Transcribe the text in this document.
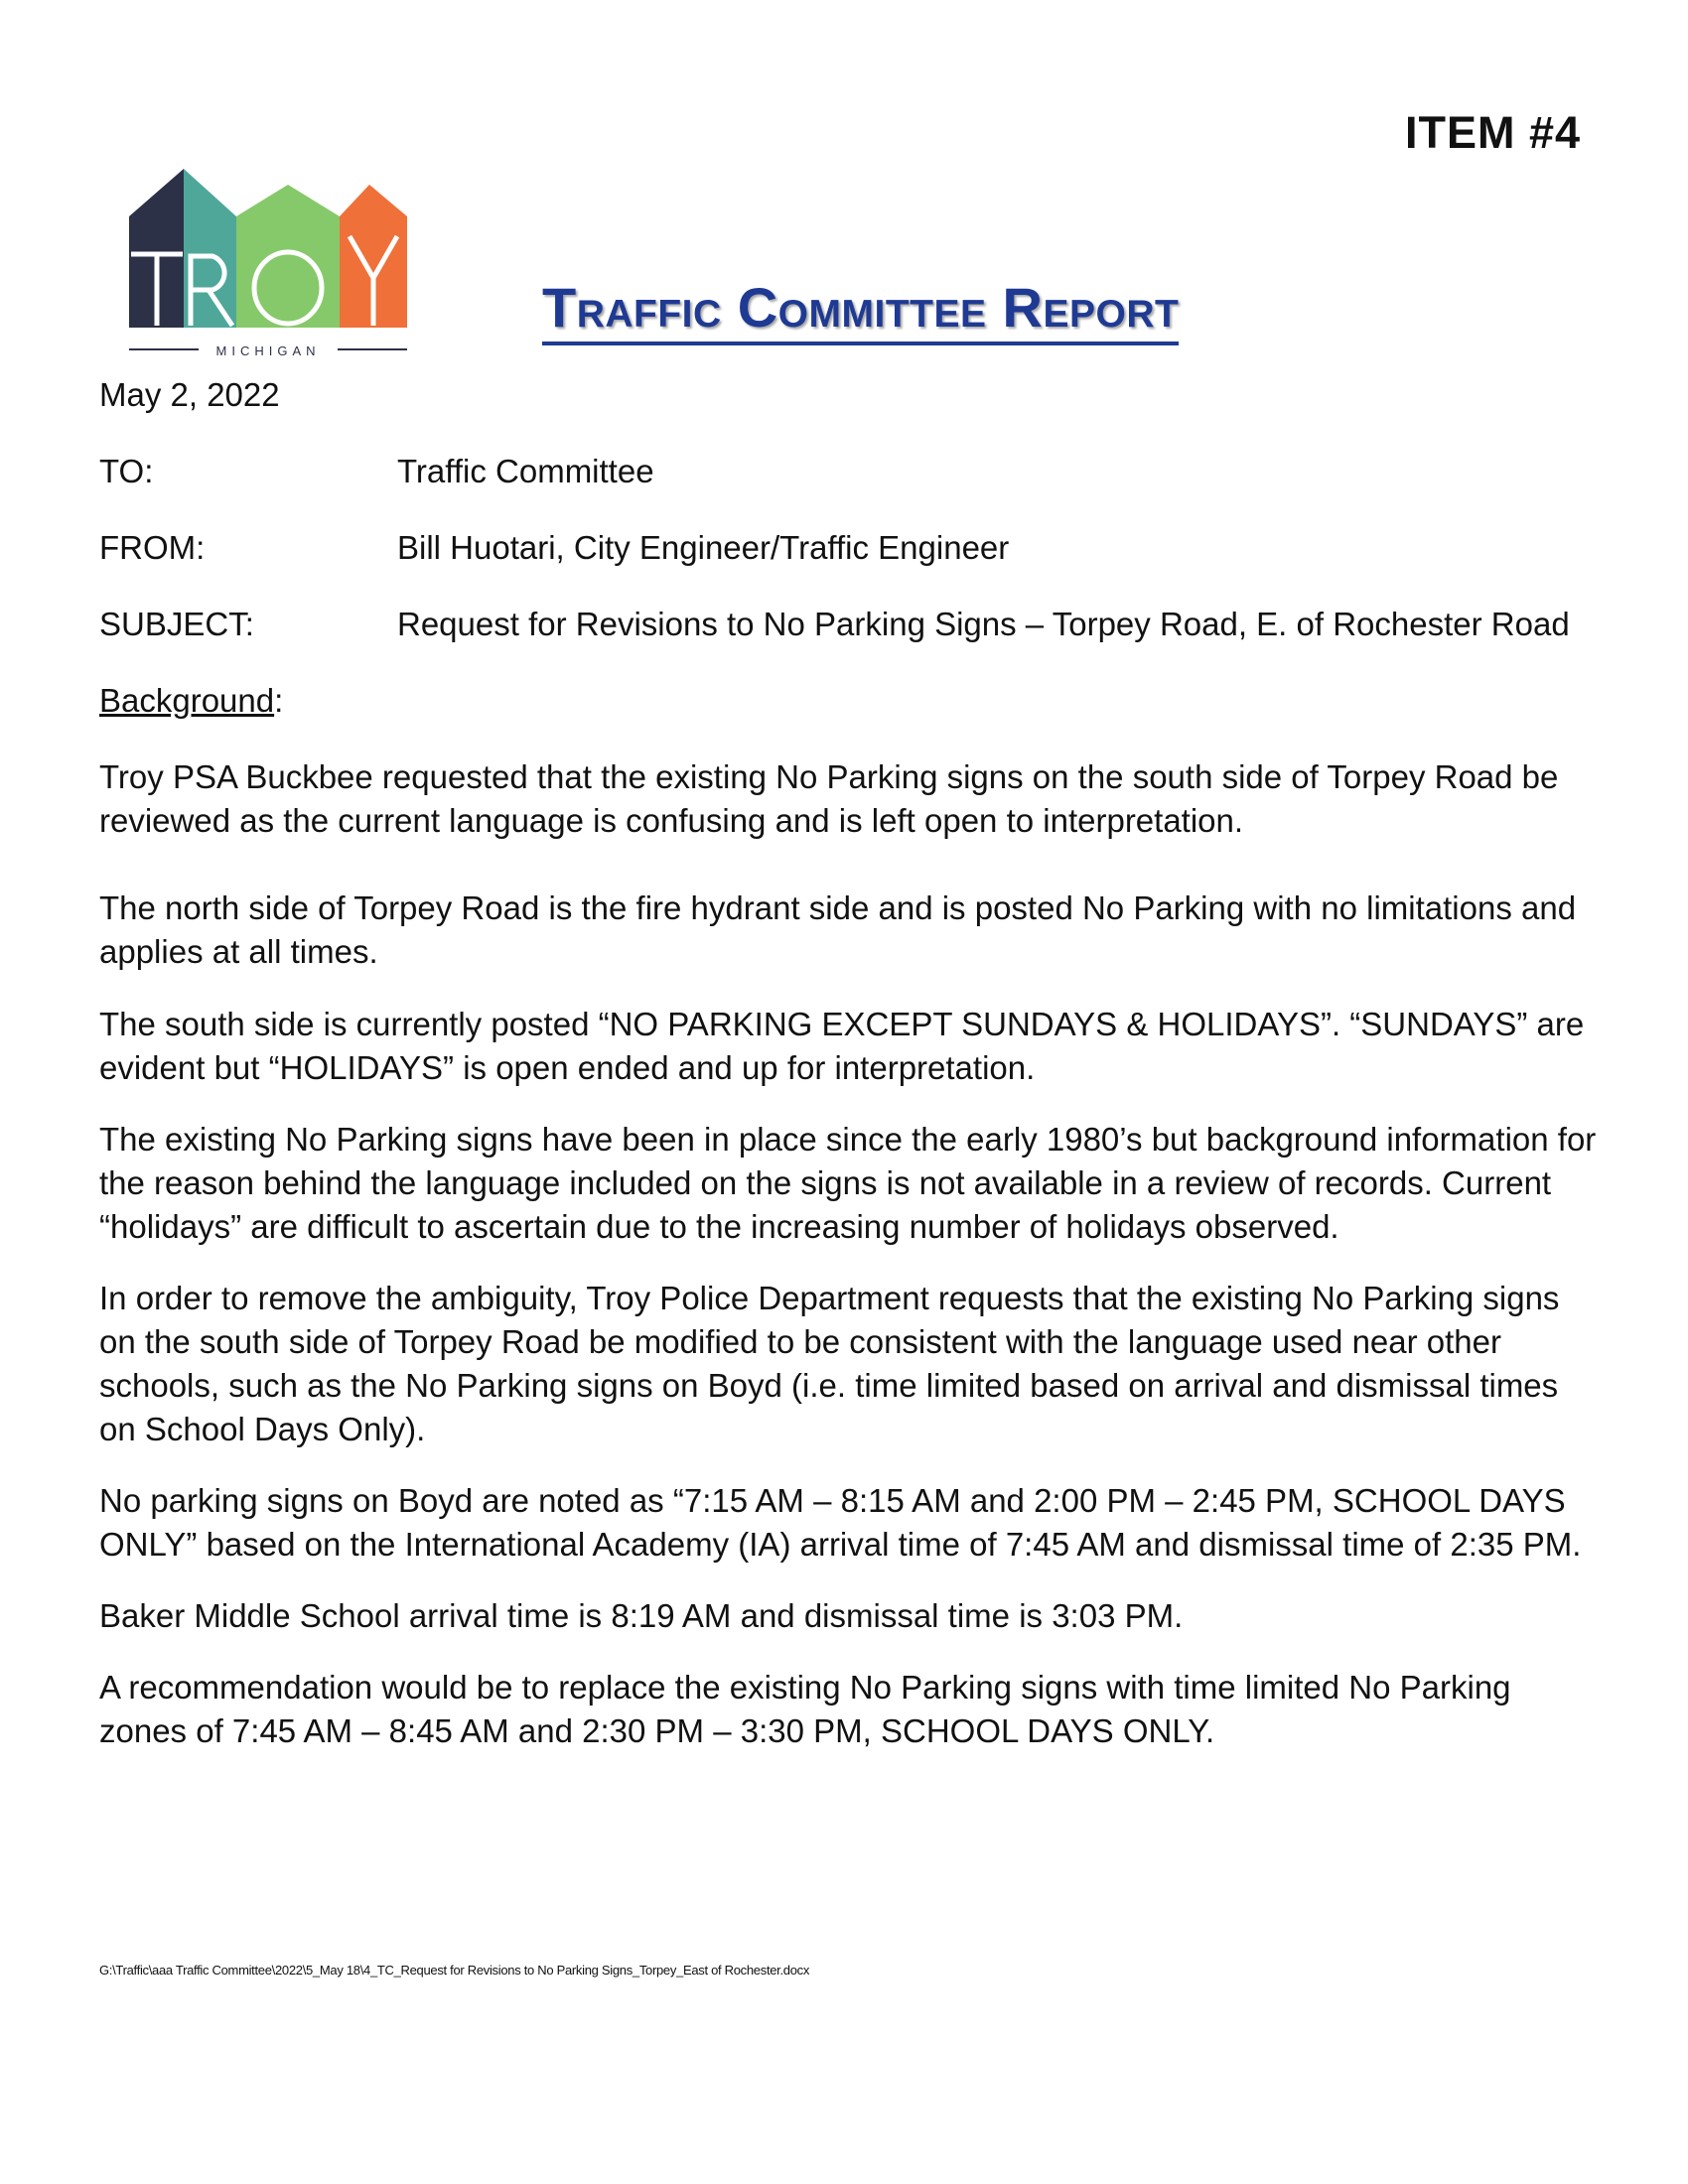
ITEM #4
MICHIGAN
Traffic Committee Report
May 2, 2022
TO:	Traffic Committee
FROM:	Bill Huotari, City Engineer/Traffic Engineer
SUBJECT:	Request for Revisions to No Parking Signs – Torpey Road, E. of Rochester Road
Background:

Troy PSA Buckbee requested that the existing No Parking signs on the south side of Torpey Road be reviewed as the current language is confusing and is left open to interpretation.

The north side of Torpey Road is the fire hydrant side and is posted No Parking with no limitations and applies at all times.

The south side is currently posted “NO PARKING EXCEPT SUNDAYS & HOLIDAYS”. “SUNDAYS” are evident but “HOLIDAYS” is open ended and up for interpretation.

The existing No Parking signs have been in place since the early 1980’s but background information for the reason behind the language included on the signs is not available in a review of records. Current “holidays” are difficult to ascertain due to the increasing number of holidays observed.

In order to remove the ambiguity, Troy Police Department requests that the existing No Parking signs on the south side of Torpey Road be modified to be consistent with the language used near other schools, such as the No Parking signs on Boyd (i.e. time limited based on arrival and dismissal times on School Days Only).

No parking signs on Boyd are noted as “7:15 AM – 8:15 AM and 2:00 PM – 2:45 PM, SCHOOL DAYS ONLY” based on the International Academy (IA) arrival time of 7:45 AM and dismissal time of 2:35 PM.

Baker Middle School arrival time is 8:19 AM and dismissal time is 3:03 PM.

A recommendation would be to replace the existing No Parking signs with time limited No Parking zones of 7:45 AM – 8:45 AM and 2:30 PM – 3:30 PM, SCHOOL DAYS ONLY.

G:\Traffic\aaa Traffic Committee\2022\5_May 18\4_TC_Request for Revisions to No Parking Signs_Torpey_East of Rochester.docx
